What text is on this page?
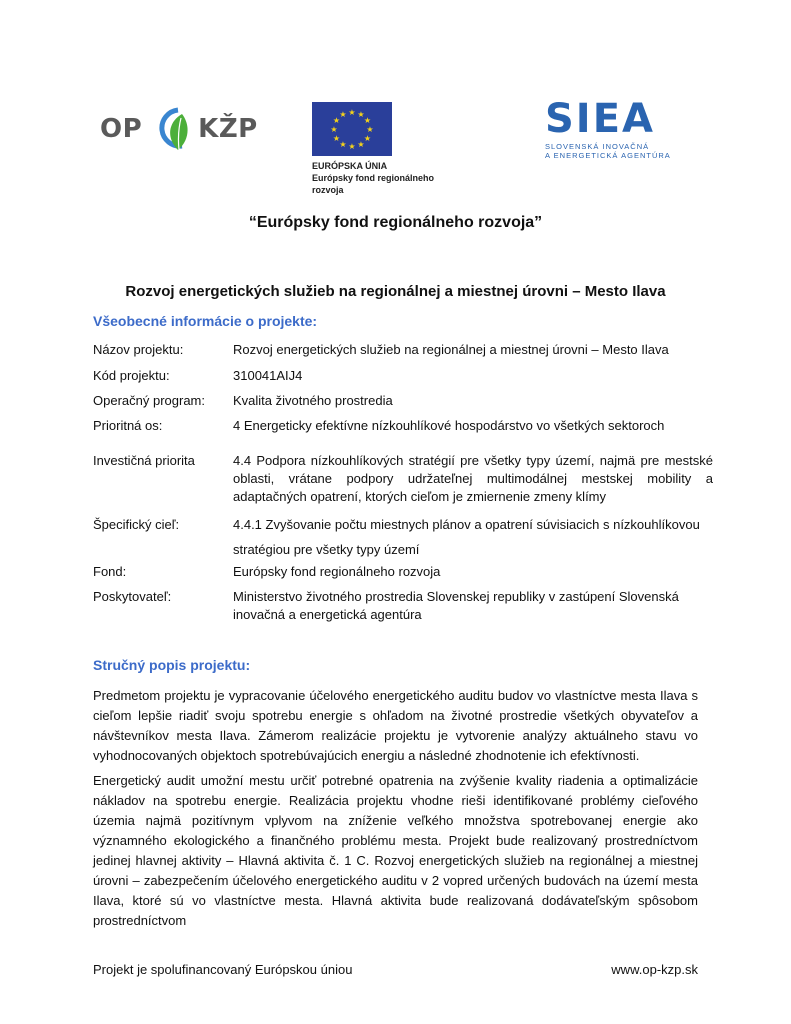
OP KŽP
★ ★
★
★
★
★
★
★
★
★
★
★
EURÓPSKA ÚNIA
Európsky fond regionálneho
rozvoja
SIEA
SLOVENSKÁ INOVAČNÁ
A ENERGETICKÁ AGENTÚRA
“Európsky fond regionálneho rozvoja”
Rozvoj energetických služieb na regionálnej a miestnej úrovni – Mesto Ilava
Všeobecné informácie o projekte:
Názov projektu:	Rozvoj energetických služieb na regionálnej a miestnej úrovni – Mesto Ilava
Kód projektu:	310041AIJ4
Operačný program:	Kvalita životného prostredia
Prioritná os:	4 Energeticky efektívne nízkouhlíkové hospodárstvo vo všetkých sektoroch
Investičná priorita	4.4 Podpora nízkouhlíkových stratégií pre všetky typy území, najmä pre mestské oblasti, vrátane podpory udržateľnej multimodálnej mestskej mobility a adaptačných opatrení, ktorých cieľom je zmiernenie zmeny klímy
Špecifický cieľ:	4.4.1 Zvyšovanie počtu miestnych plánov a opatrení súvisiacich s nízkouhlíkovou stratégiou pre všetky typy území
Fond:	Európsky fond regionálneho rozvoja
Poskytovateľ:	Ministerstvo životného prostredia Slovenskej republiky v zastúpení Slovenská inovačná a energetická agentúra
Stručný popis projektu:
Predmetom projektu je vypracovanie účelového energetického auditu budov vo vlastníctve mesta Ilava s cieľom lepšie riadiť svoju spotrebu energie s ohľadom na životné prostredie všetkých obyvateľov a návštevníkov mesta Ilava. Zámerom realizácie projektu je vytvorenie analýzy aktuálneho stavu vo vyhodnocovaných objektoch spotrebúvajúcich energiu a následné zhodnotenie ich efektívnosti.
Energetický audit umožní mestu určiť potrebné opatrenia na zvýšenie kvality riadenia a optimalizácie nákladov na spotrebu energie. Realizácia projektu vhodne rieši identifikované problémy cieľového územia najmä pozitívnym vplyvom na zníženie veľkého množstva spotrebovanej energie ako významného ekologického a finančného problému mesta. Projekt bude realizovaný prostredníctvom jedinej hlavnej aktivity – Hlavná aktivita č. 1 C. Rozvoj energetických služieb na regionálnej a miestnej úrovni – zabezpečením účelového energetického auditu v 2 vopred určených budovách na území mesta Ilava, ktoré sú vo vlastníctve mesta. Hlavná aktivita bude realizovaná dodávateľským spôsobom prostredníctvom
Projekt je spolufinancovaný Európskou úniou	www.op-kzp.sk
